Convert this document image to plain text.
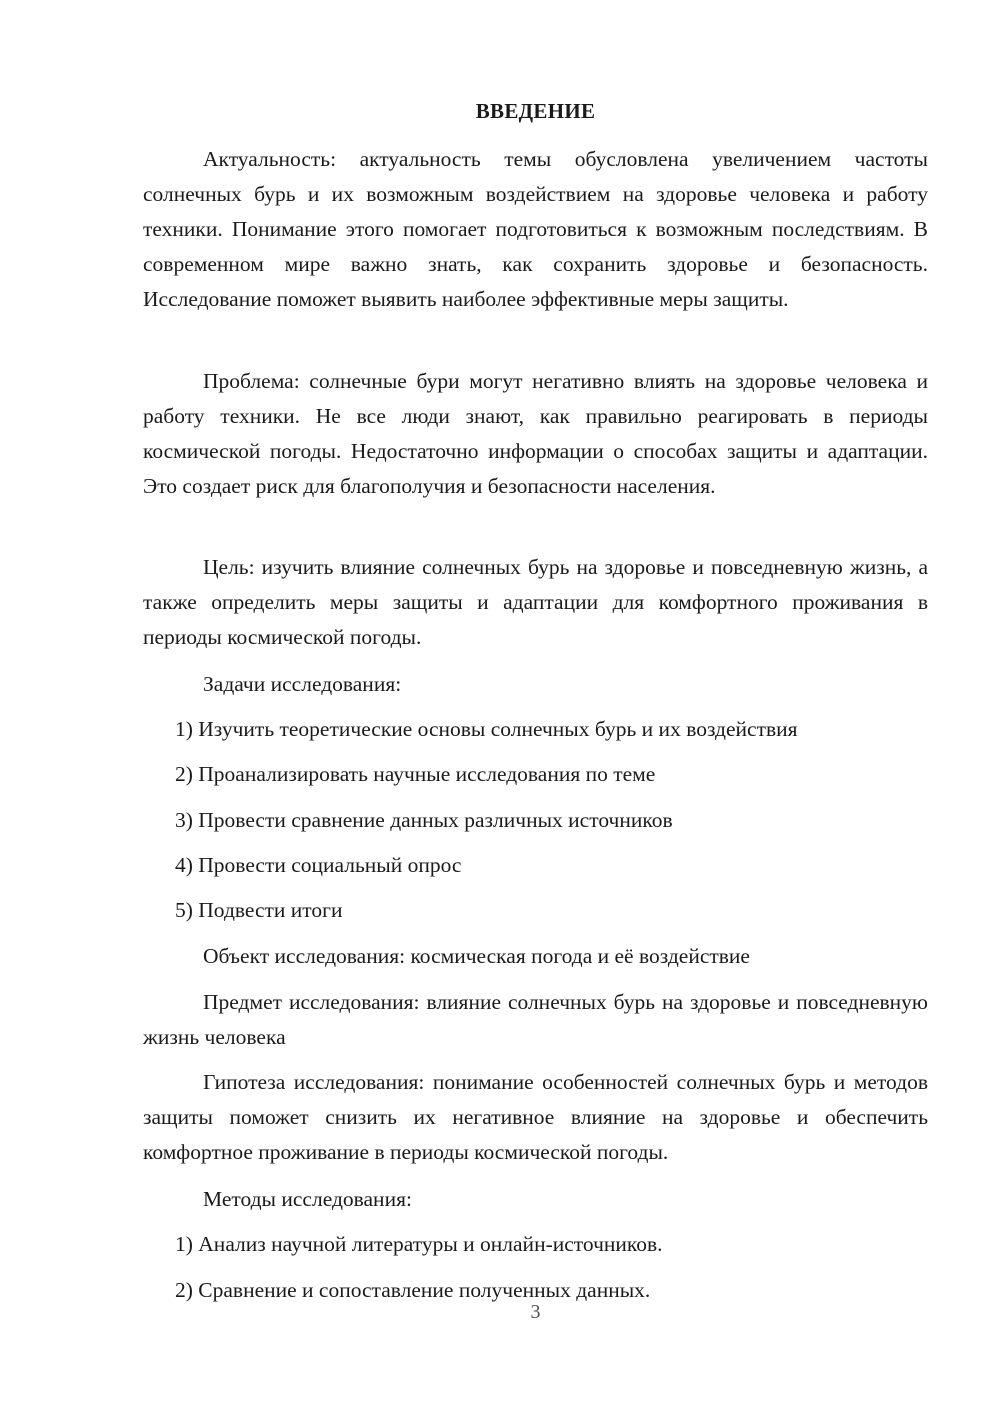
ВВЕДЕНИЕ

Актуальность: актуальность темы обусловлена увеличением частоты солнечных бурь и их возможным воздействием на здоровье человека и работу техники. Понимание этого помогает подготовиться к возможным последствиям. В современном мире важно знать, как сохранить здоровье и безопасность. Исследование поможет выявить наиболее эффективные меры защиты.

Проблема: солнечные бури могут негативно влиять на здоровье человека и работу техники. Не все люди знают, как правильно реагировать в периоды космической погоды. Недостаточно информации о способах защиты и адаптации. Это создает риск для благополучия и безопасности населения.

Цель: изучить влияние солнечных бурь на здоровье и повседневную жизнь, а также определить меры защиты и адаптации для комфортного проживания в периоды космической погоды.

Задачи исследования:

1) Изучить теоретические основы солнечных бурь и их воздействия

2) Проанализировать научные исследования по теме

3) Провести сравнение данных различных источников

4) Провести социальный опрос

5) Подвести итоги

Объект исследования: космическая погода и её воздействие

Предмет исследования: влияние солнечных бурь на здоровье и повседневную жизнь человека

Гипотеза исследования: понимание особенностей солнечных бурь и методов защиты поможет снизить их негативное влияние на здоровье и обеспечить комфортное проживание в периоды космической погоды.

Методы исследования:

1) Анализ научной литературы и онлайн-источников.

2) Сравнение и сопоставление полученных данных.

3
